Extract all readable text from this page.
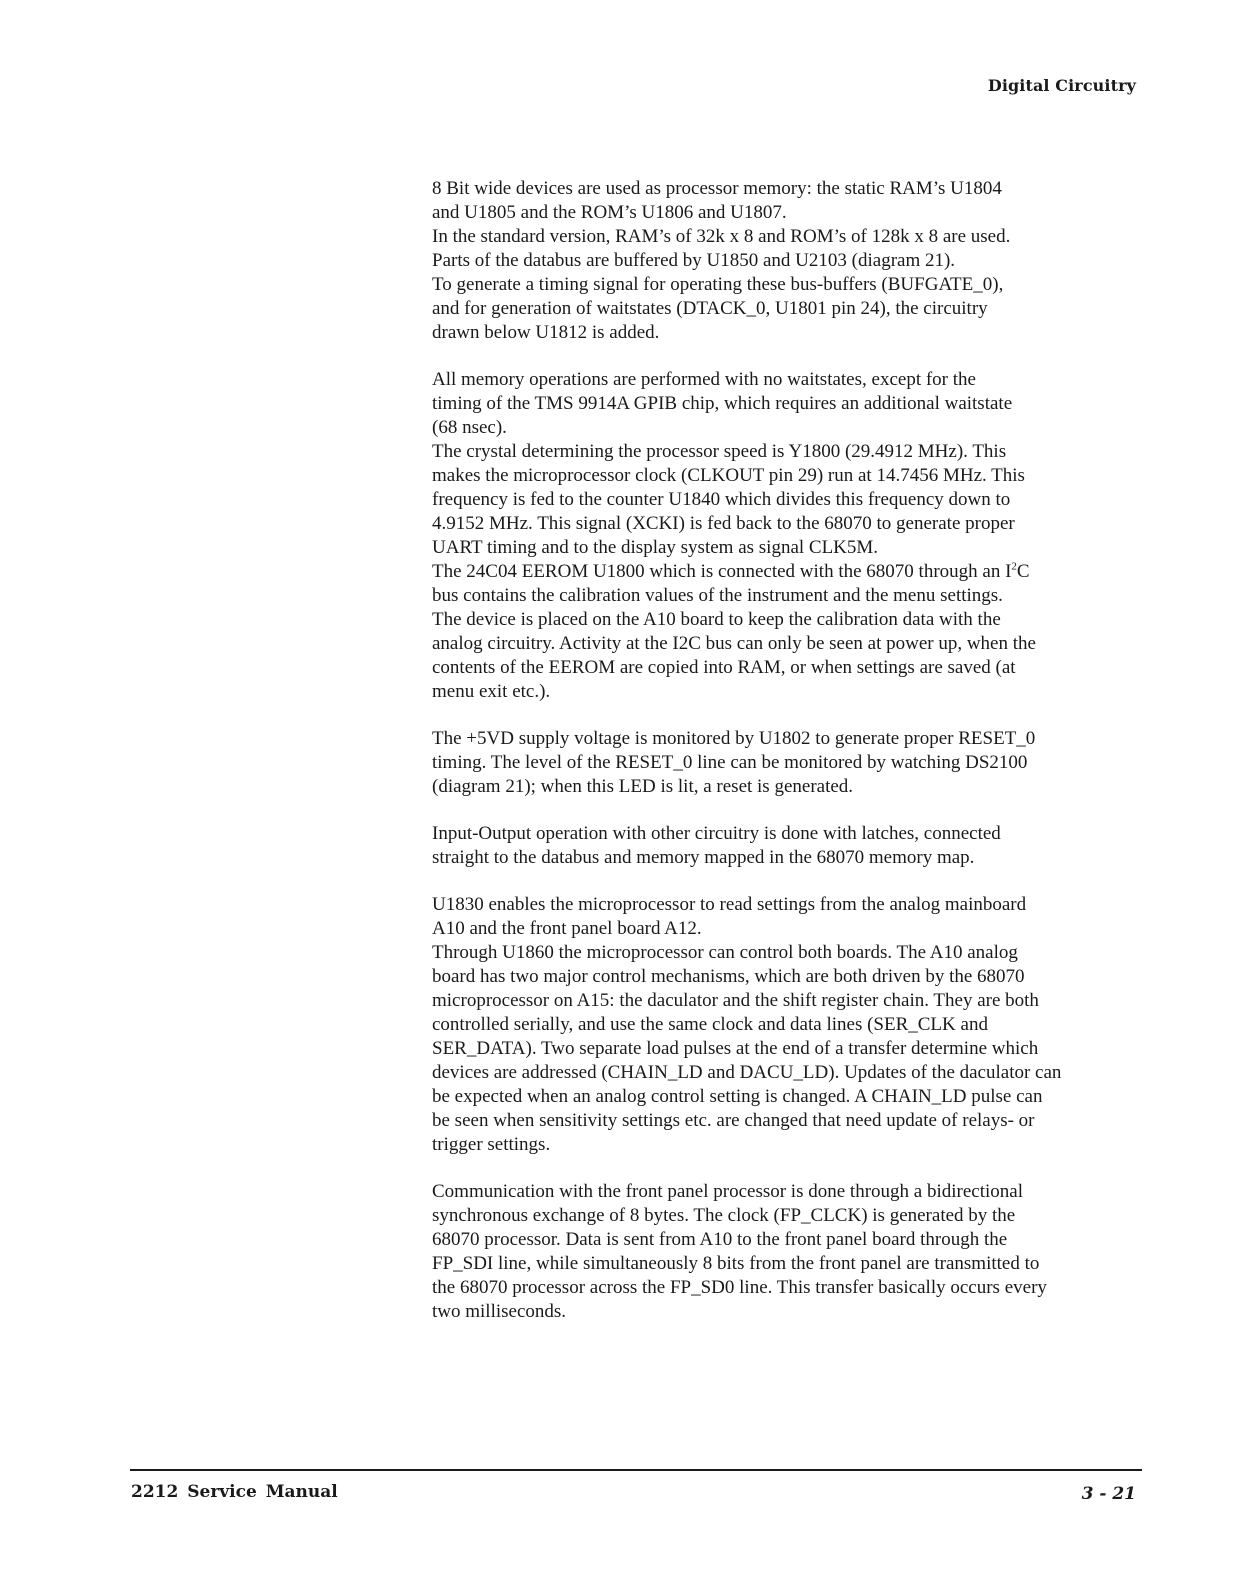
Digital Circuitry
8 Bit wide devices are used as processor memory: the static RAM’s U1804
and U1805 and the ROM’s U1806 and U1807.
In the standard version, RAM’s of 32k x 8 and ROM’s of 128k x 8 are used.
Parts of the databus are buffered by U1850 and U2103 (diagram 21).
To generate a timing signal for operating these bus-buffers (BUFGATE_0),
and for generation of waitstates (DTACK_0, U1801 pin 24), the circuitry
drawn below U1812 is added.
All memory operations are performed with no waitstates, except for the
timing of the TMS 9914A GPIB chip, which requires an additional waitstate
(68 nsec).
The crystal determining the processor speed is Y1800 (29.4912 MHz). This
makes the microprocessor clock (CLKOUT pin 29) run at 14.7456 MHz. This
frequency is fed to the counter U1840 which divides this frequency down to
4.9152 MHz. This signal (XCKI) is fed back to the 68070 to generate proper
UART timing and to the display system as signal CLK5M.
The 24C04 EEROM U1800 which is connected with the 68070 through an $I^2C$
bus contains the calibration values of the instrument and the menu settings.
The device is placed on the A10 board to keep the calibration data with the
analog circuitry. Activity at the I2C bus can only be seen at power up, when the
contents of the EEROM are copied into RAM, or when settings are saved (at
menu exit etc.).
The +5VD supply voltage is monitored by U1802 to generate proper RESET_0
timing. The level of the RESET_0 line can be monitored by watching DS2100
(diagram 21); when this LED is lit, a reset is generated.
Input-Output operation with other circuitry is done with latches, connected
straight to the databus and memory mapped in the 68070 memory map.
U1830 enables the microprocessor to read settings from the analog mainboard
A10 and the front panel board A12.
Through U1860 the microprocessor can control both boards. The A10 analog
board has two major control mechanisms, which are both driven by the 68070
microprocessor on A15: the daculator and the shift register chain. They are both
controlled serially, and use the same clock and data lines (SER_CLK and
SER_DATA). Two separate load pulses at the end of a transfer determine which
devices are addressed (CHAIN_LD and DACU_LD). Updates of the daculator can
be expected when an analog control setting is changed. A CHAIN_LD pulse can
be seen when sensitivity settings etc. are changed that need update of relays- or
trigger settings.
Communication with the front panel processor is done through a bidirectional
synchronous exchange of 8 bytes. The clock (FP_CLCK) is generated by the
68070 processor. Data is sent from A10 to the front panel board through the
FP_SDI line, while simultaneously 8 bits from the front panel are transmitted to
the 68070 processor across the FP_SD0 line. This transfer basically occurs every
two milliseconds.
2212 Service Manual	3 - 21
